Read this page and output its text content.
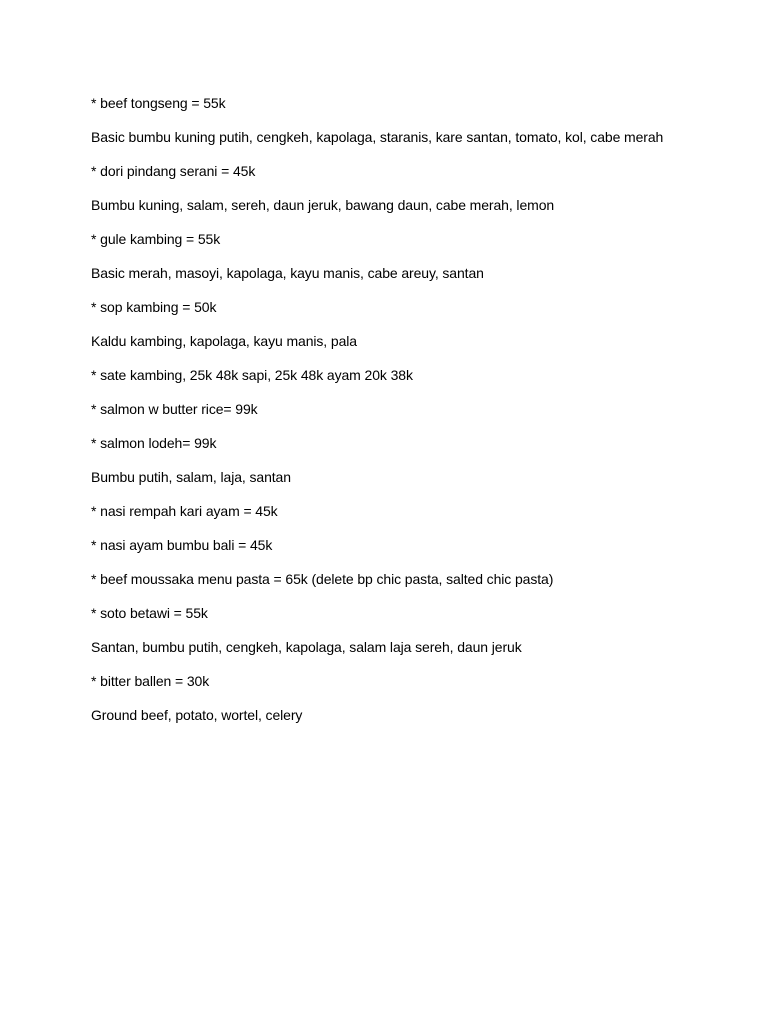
* beef tongseng = 55k

Basic bumbu kuning putih, cengkeh, kapolaga, staranis, kare santan, tomato, kol, cabe merah

* dori pindang serani = 45k

Bumbu kuning, salam, sereh, daun jeruk, bawang daun, cabe merah, lemon

* gule kambing = 55k

Basic merah, masoyi, kapolaga, kayu manis, cabe areuy, santan

* sop kambing = 50k

Kaldu kambing, kapolaga, kayu manis, pala

* sate kambing, 25k 48k sapi, 25k 48k ayam 20k 38k

* salmon w butter rice= 99k

* salmon lodeh= 99k

Bumbu putih, salam, laja, santan

* nasi rempah kari ayam = 45k

* nasi ayam bumbu bali = 45k

* beef moussaka menu pasta = 65k (delete bp chic pasta, salted chic pasta)

* soto betawi = 55k

Santan, bumbu putih, cengkeh, kapolaga, salam laja sereh, daun jeruk

* bitter ballen = 30k

Ground beef, potato, wortel, celery
